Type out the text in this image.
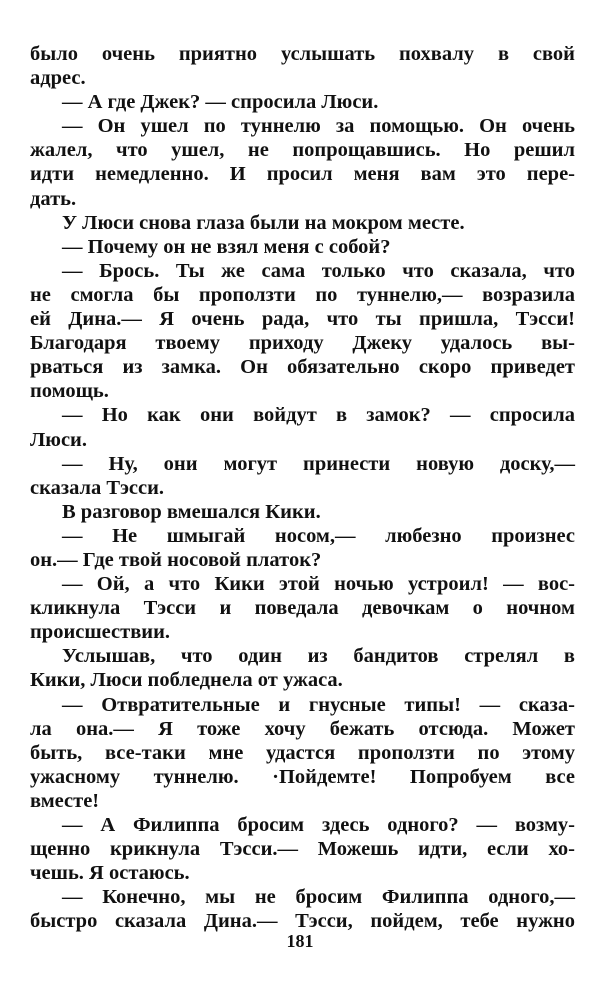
было очень приятно услышать похвалу в свой
адрес.
— А где Джек? — спросила Люси.
— Он ушел по туннелю за помощью. Он очень
жалел, что ушел, не попрощавшись. Но решил
идти немедленно. И просил меня вам это пере-
дать.
У Люси снова глаза были на мокром месте.
— Почему он не взял меня с собой?
— Брось. Ты же сама только что сказала, что
не смогла бы проползти по туннелю,— возразила
ей Дина.— Я очень рада, что ты пришла, Тэсси!
Благодаря твоему приходу Джеку удалось вы-
рваться из замка. Он обязательно скоро приведет
помощь.
— Но как они войдут в замок? — спросила
Люси.
— Ну, они могут принести новую доску,—
сказала Тэсси.
В разговор вмешался Кики.
— Не шмыгай носом,— любезно произнес
он.— Где твой носовой платок?
— Ой, а что Кики этой ночью устроил! — вос-
кликнула Тэсси и поведала девочкам о ночном
происшествии.
Услышав, что один из бандитов стрелял в
Кики, Люси побледнела от ужаса.
— Отвратительные и гнусные типы! — сказа-
ла она.— Я тоже хочу бежать отсюда. Может
быть, все-таки мне удастся проползти по этому
ужасному туннелю. ·Пойдемте! Попробуем все
вместе!
— А Филиппа бросим здесь одного? — возму-
щенно крикнула Тэсси.— Можешь идти, если хо-
чешь. Я остаюсь.
— Конечно, мы не бросим Филиппа одного,—
быстро сказала Дина.— Тэсси, пойдем, тебе нужно
181
